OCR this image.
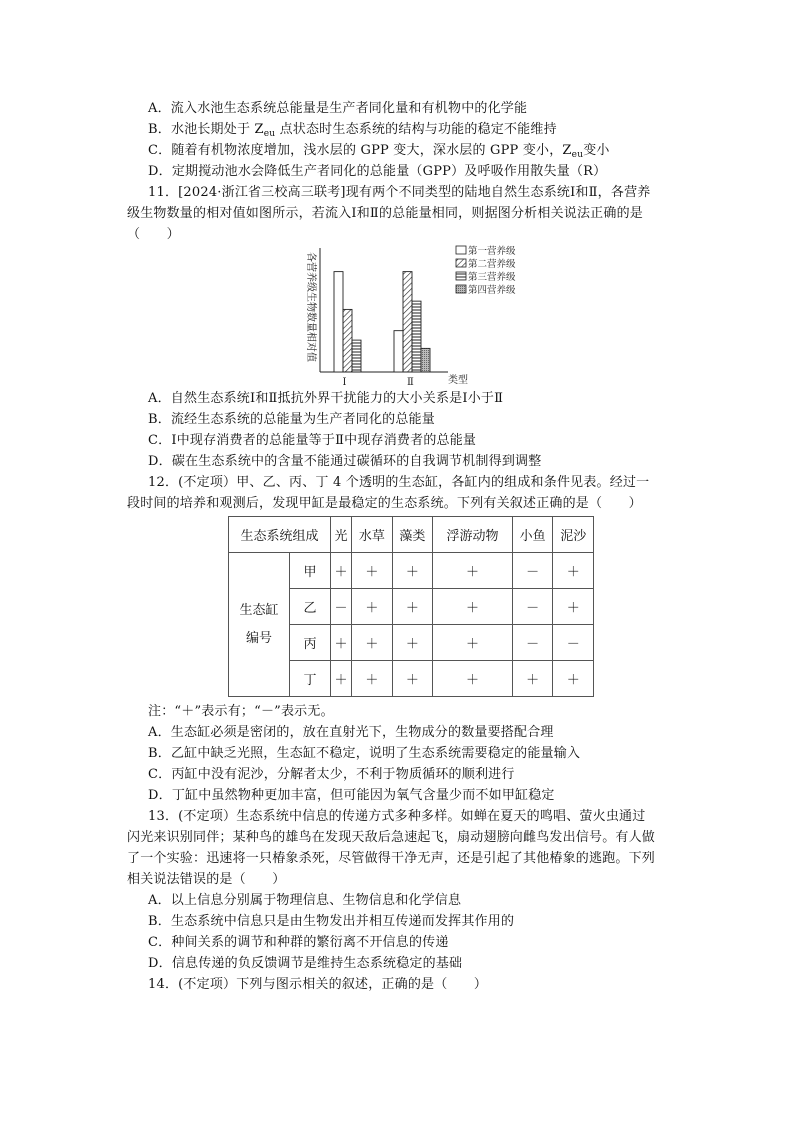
A．流入水池生态系统总能量是生产者同化量和有机物中的化学能
B．水池长期处于 $Z_{eu}$ 点状态时生态系统的结构与功能的稳定不能维持
C．随着有机物浓度增加，浅水层的 GPP 变大，深水层的 GPP 变小，$Z_{eu}$变小
D．定期搅动池水会降低生产者同化的总能量（GPP）及呼吸作用散失量（R）
11．[2024·浙江省三校高三联考]现有两个不同类型的陆地自然生态系统Ⅰ和Ⅱ，各营养
级生物数量的相对值如图所示，若流入Ⅰ和Ⅱ的总能量相同，则据图分析相关说法正确的是
（　　）
Ⅰ	Ⅱ
各营养级生物数量相对值
类型
第一营养级
第二营养级
第三营养级
第四营养级
A．自然生态系统Ⅰ和Ⅱ抵抗外界干扰能力的大小关系是Ⅰ小于Ⅱ
B．流经生态系统的总能量为生产者同化的总能量
C．Ⅰ中现存消费者的总能量等于Ⅱ中现存消费者的总能量
D．碳在生态系统中的含量不能通过碳循环的自我调节机制得到调整
12．(不定项）甲、乙、丙、丁 4 个透明的生态缸，各缸内的组成和条件见表。经过一
段时间的培养和观测后，发现甲缸是最稳定的生态系统。下列有关叙述正确的是（　　）
生态系统组成		光	水草	藻类	浮游动物	小鱼	泥沙
生态缸
编号	甲	＋	＋	＋	＋	－	＋
	乙	－	＋	＋	＋	－	＋
	丙	＋	＋	＋	＋	－	－
	丁	＋	＋	＋	＋	＋	＋
注：“＋”表示有；“－”表示无。
A．生态缸必须是密闭的，放在直射光下，生物成分的数量要搭配合理
B．乙缸中缺乏光照，生态缸不稳定，说明了生态系统需要稳定的能量输入
C．丙缸中没有泥沙，分解者太少，不利于物质循环的顺利进行
D．丁缸中虽然物种更加丰富，但可能因为氧气含量少而不如甲缸稳定
13．(不定项）生态系统中信息的传递方式多种多样。如蝉在夏天的鸣唱、萤火虫通过
闪光来识别同伴；某种鸟的雄鸟在发现天敌后急速起飞，扇动翅膀向雌鸟发出信号。有人做
了一个实验：迅速将一只椿象杀死，尽管做得干净无声，还是引起了其他椿象的逃跑。下列
相关说法错误的是（　　）
A．以上信息分别属于物理信息、生物信息和化学信息
B．生态系统中信息只是由生物发出并相互传递而发挥其作用的
C．种间关系的调节和种群的繁衍离不开信息的传递
D．信息传递的负反馈调节是维持生态系统稳定的基础
14．(不定项）下列与图示相关的叙述，正确的是（　　）
